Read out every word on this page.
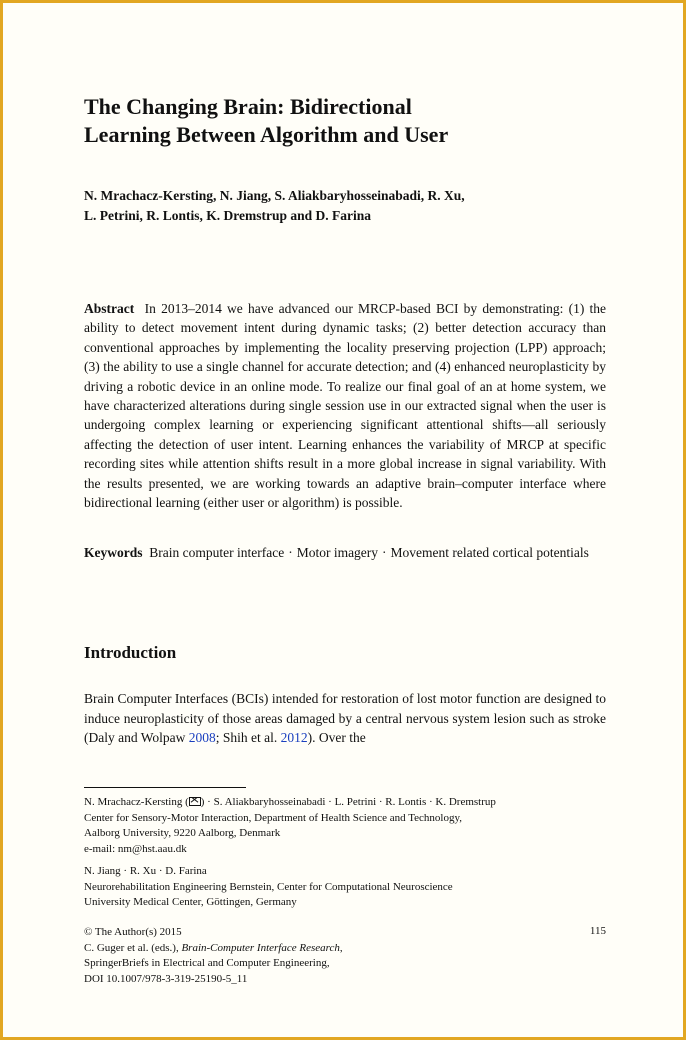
The Changing Brain: Bidirectional
Learning Between Algorithm and User

N. Mrachacz-Kersting, N. Jiang, S. Aliakbaryhosseinabadi, R. Xu,
L. Petrini, R. Lontis, K. Dremstrup and D. Farina

Abstract In 2013–2014 we have advanced our MRCP-based BCI by demonstrating: (1) the ability to detect movement intent during dynamic tasks; (2) better detection accuracy than conventional approaches by implementing the locality preserving projection (LPP) approach; (3) the ability to use a single channel for accurate detection; and (4) enhanced neuroplasticity by driving a robotic device in an online mode. To realize our final goal of an at home system, we have characterized alterations during single session use in our extracted signal when the user is undergoing complex learning or experiencing significant attentional shifts—all seriously affecting the detection of user intent. Learning enhances the variability of MRCP at specific recording sites while attention shifts result in a more global increase in signal variability. With the results presented, we are working towards an adaptive brain–computer interface where bidirectional learning (either user or algorithm) is possible.

Keywords Brain computer interface · Motor imagery · Movement related cortical potentials

Introduction

Brain Computer Interfaces (BCIs) intended for restoration of lost motor function are designed to induce neuroplasticity of those areas damaged by a central nervous system lesion such as stroke (Daly and Wolpaw 2008; Shih et al. 2012). Over the

N. Mrachacz-Kersting ( ) · S. Aliakbaryhosseinabadi · L. Petrini · R. Lontis · K. Dremstrup
Center for Sensory-Motor Interaction, Department of Health Science and Technology,
Aalborg University, 9220 Aalborg, Denmark
e-mail: nm@hst.aau.dk

N. Jiang · R. Xu · D. Farina
Neurorehabilitation Engineering Bernstein, Center for Computational Neuroscience
University Medical Center, Göttingen, Germany

© The Author(s) 2015
C. Guger et al. (eds.), Brain-Computer Interface Research,
SpringerBriefs in Electrical and Computer Engineering,
DOI 10.1007/978-3-319-25190-5_11

115
